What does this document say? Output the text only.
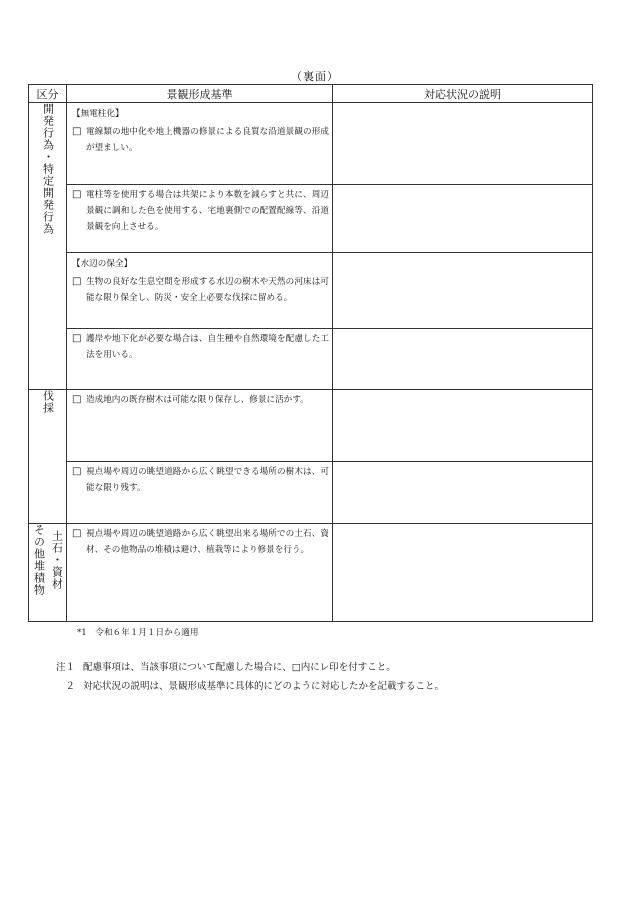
（裏面）
区分	景観形成基準	対応状況の説明
開発行為・特定開発行為	【無電柱化】
□ 電線類の地中化や地上機器の修景による良質な沿道景観の形成が望ましい。	

	□ 電柱等を使用する場合は共架により本数を減らすと共に、周辺景観に調和した色を使用する、宅地裏側での配置配線等、沿道景観を向上させる。	

	【水辺の保全】
□ 生物の良好な生息空間を形成する水辺の樹木や天然の河床は可能な限り保全し、防災・安全上必要な伐採に留める。	

	□ 護岸や地下化が必要な場合は、自生種や自然環境を配慮した工法を用いる。	

伐採	□ 造成地内の既存樹木は可能な限り保存し、修景に活かす。	

	□ 視点場や周辺の眺望道路から広く眺望できる場所の樹木は、可能な限り残す。	

土石・資材
その他堆積物	□ 視点場や周辺の眺望道路から広く眺望出来る場所での土石、資材、その他物品の堆積は避け、植栽等により修景を行う。	

*1　令和６年１月１日から適用
注１ 配慮事項は、当該事項について配慮した場合に、□内にレ印を付すこと。
２ 対応状況の説明は、景観形成基準に具体的にどのように対応したかを記載すること。
